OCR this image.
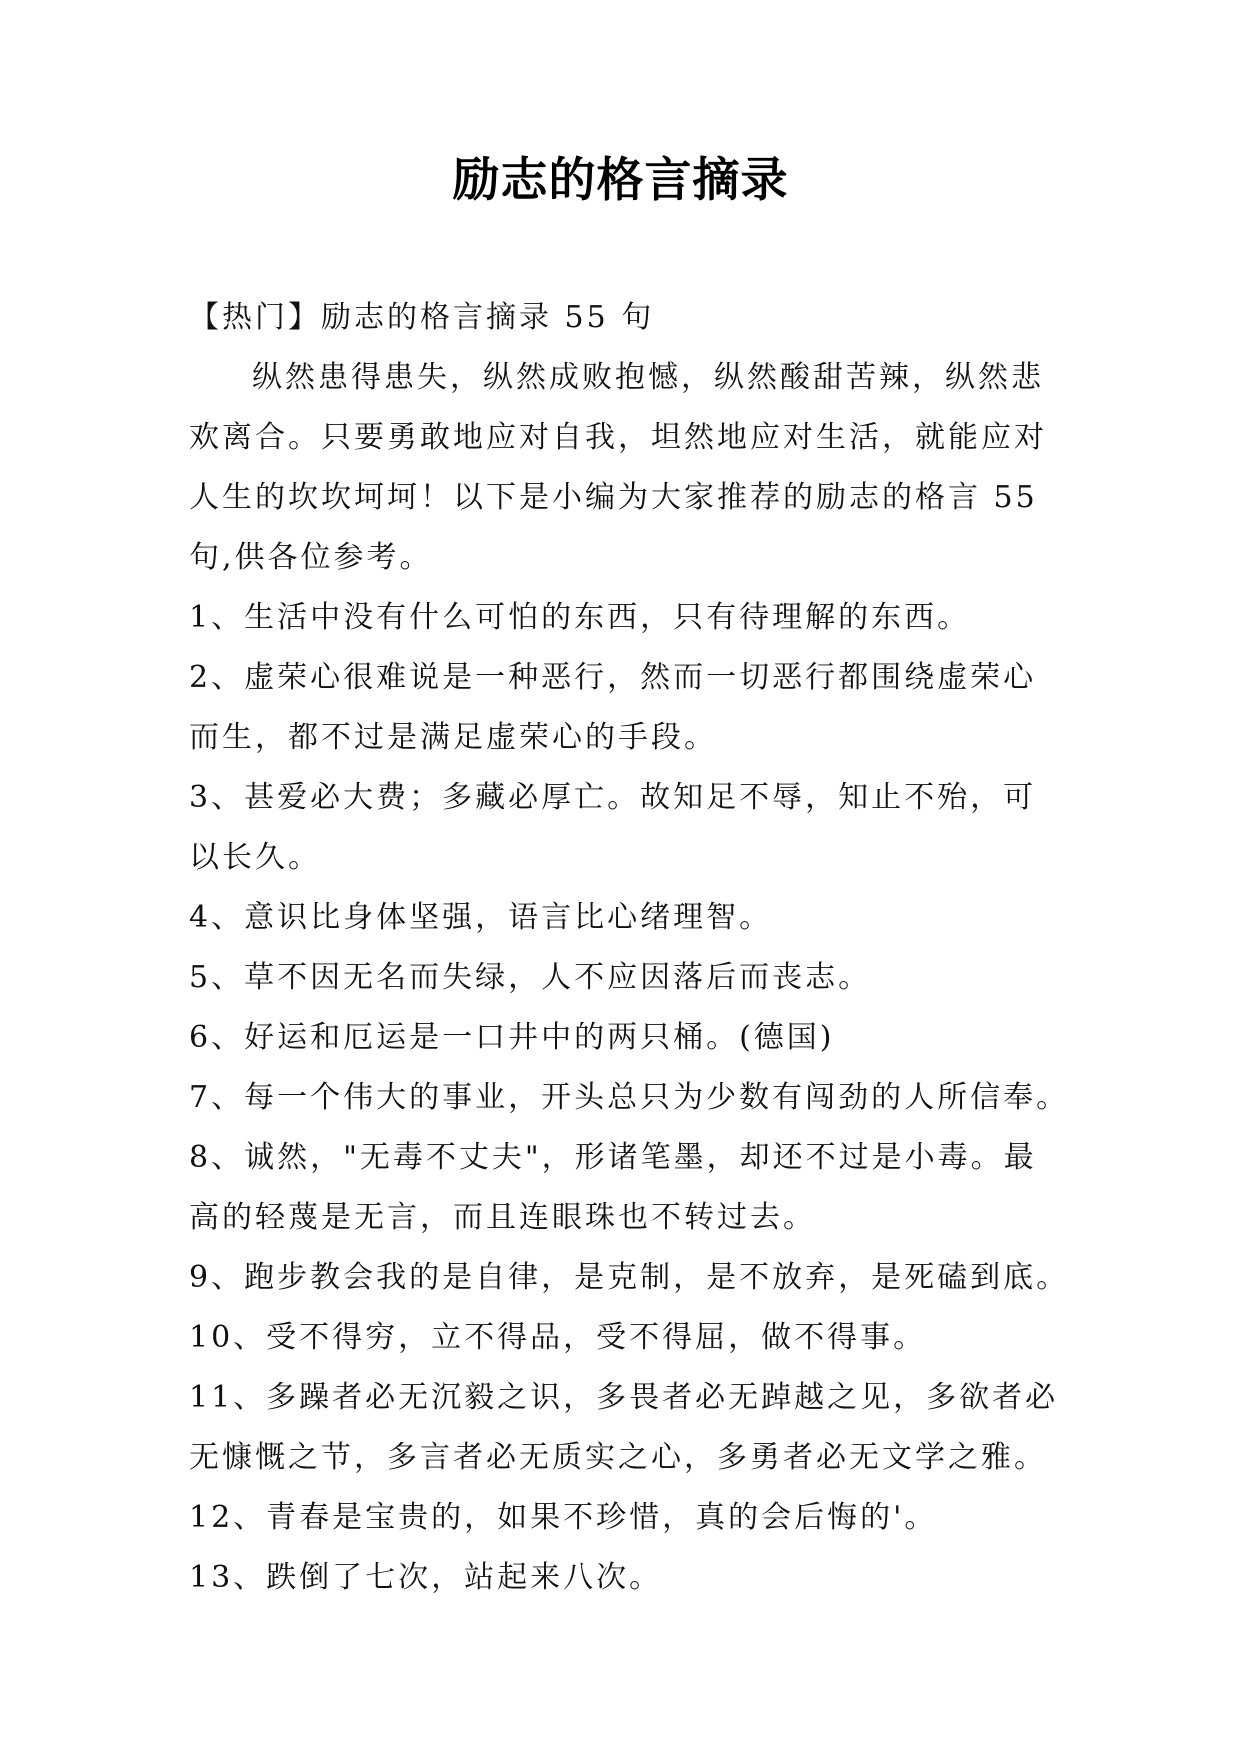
励志的格言摘录

【热门】励志的格言摘录 55 句

纵然患得患失，纵然成败抱憾，纵然酸甜苦辣，纵然悲

欢离合。只要勇敢地应对自我，坦然地应对生活，就能应对

人生的坎坎坷坷！以下是小编为大家推荐的励志的格言 55

句,供各位参考。

1、生活中没有什么可怕的东西，只有待理解的东西。

2、虚荣心很难说是一种恶行，然而一切恶行都围绕虚荣心

而生，都不过是满足虚荣心的手段。

3、甚爱必大费；多藏必厚亡。故知足不辱，知止不殆，可

以长久。

4、意识比身体坚强，语言比心绪理智。

5、草不因无名而失绿，人不应因落后而丧志。

6、好运和厄运是一口井中的两只桶。(德国)

7、每一个伟大的事业，开头总只为少数有闯劲的人所信奉。

8、诚然，"无毒不丈夫"，形诸笔墨，却还不过是小毒。最

高的轻蔑是无言，而且连眼珠也不转过去。

9、跑步教会我的是自律，是克制，是不放弃，是死磕到底。

10、受不得穷，立不得品，受不得屈，做不得事。

11、多躁者必无沉毅之识，多畏者必无踔越之见，多欲者必

无慷慨之节，多言者必无质实之心，多勇者必无文学之雅。

12、青春是宝贵的，如果不珍惜，真的会后悔的'。

13、跌倒了七次，站起来八次。
